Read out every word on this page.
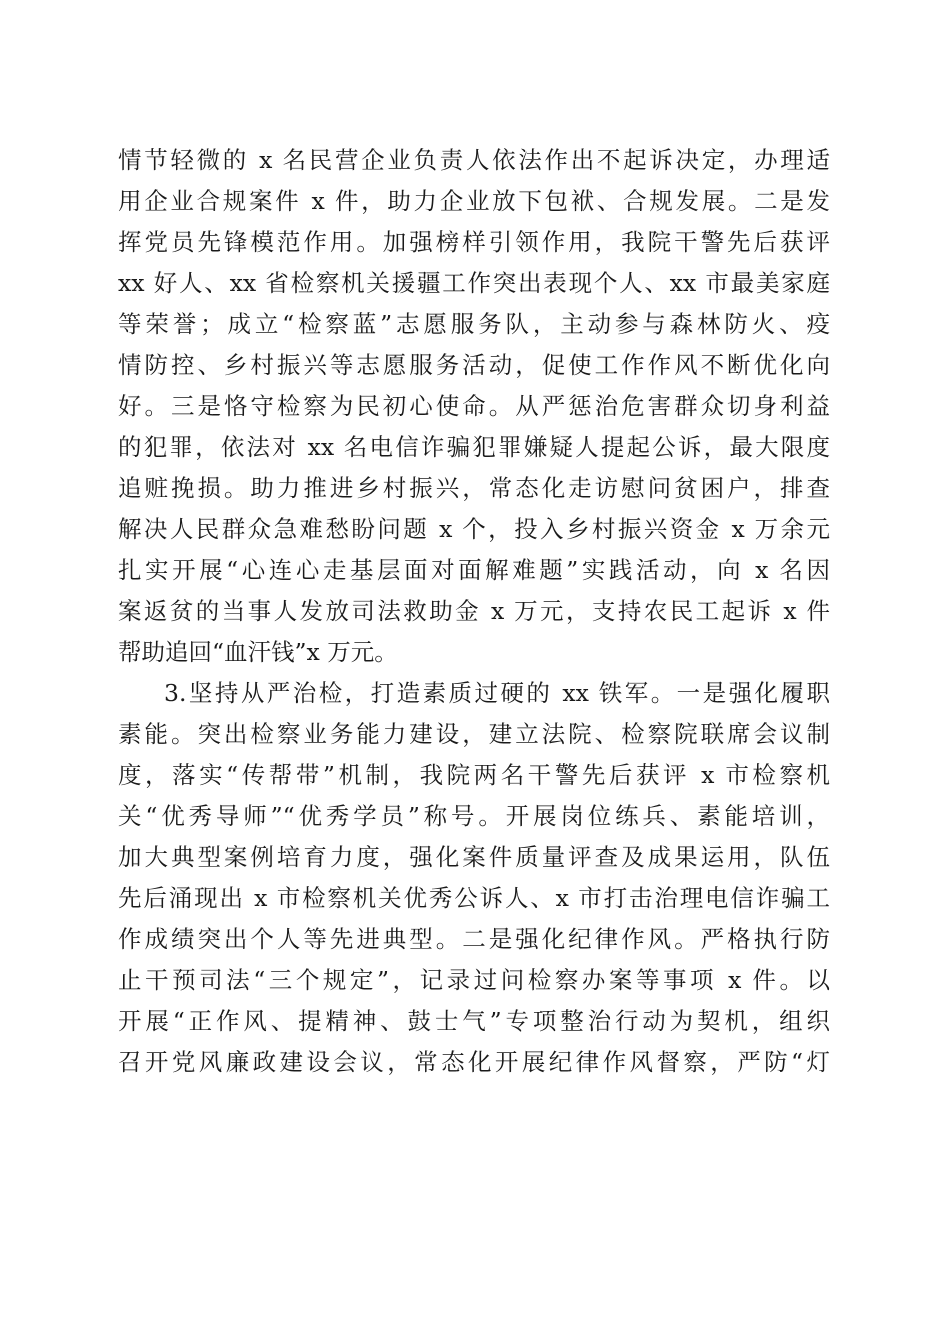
情节轻微的 x 名民营企业负责人依法作出不起诉决定，办理适
用企业合规案件 x 件，助力企业放下包袱、合规发展。二是发
挥党员先锋模范作用。加强榜样引领作用，我院干警先后获评
xx 好人、xx 省检察机关援疆工作突出表现个人、xx 市最美家庭
等荣誉；成立“检察蓝”志愿服务队，主动参与森林防火、疫
情防控、乡村振兴等志愿服务活动，促使工作作风不断优化向
好。三是恪守检察为民初心使命。从严惩治危害群众切身利益
的犯罪，依法对 xx 名电信诈骗犯罪嫌疑人提起公诉，最大限度
追赃挽损。助力推进乡村振兴，常态化走访慰问贫困户，排查
解决人民群众急难愁盼问题 x 个，投入乡村振兴资金 x 万余元
扎实开展“心连心走基层面对面解难题”实践活动，向 x 名因
案返贫的当事人发放司法救助金 x 万元，支持农民工起诉 x 件
帮助追回“血汗钱”x 万元。
3.坚持从严治检，打造素质过硬的 xx 铁军。一是强化履职
素能。突出检察业务能力建设，建立法院、检察院联席会议制
度，落实“传帮带”机制，我院两名干警先后获评 x 市检察机
关“优秀导师”“优秀学员”称号。开展岗位练兵、素能培训，
加大典型案例培育力度，强化案件质量评查及成果运用，队伍
先后涌现出 x 市检察机关优秀公诉人、x 市打击治理电信诈骗工
作成绩突出个人等先进典型。二是强化纪律作风。严格执行防
止干预司法“三个规定”，记录过问检察办案等事项 x 件。以
开展“正作风、提精神、鼓士气”专项整治行动为契机，组织
召开党风廉政建设会议，常态化开展纪律作风督察，严防“灯
